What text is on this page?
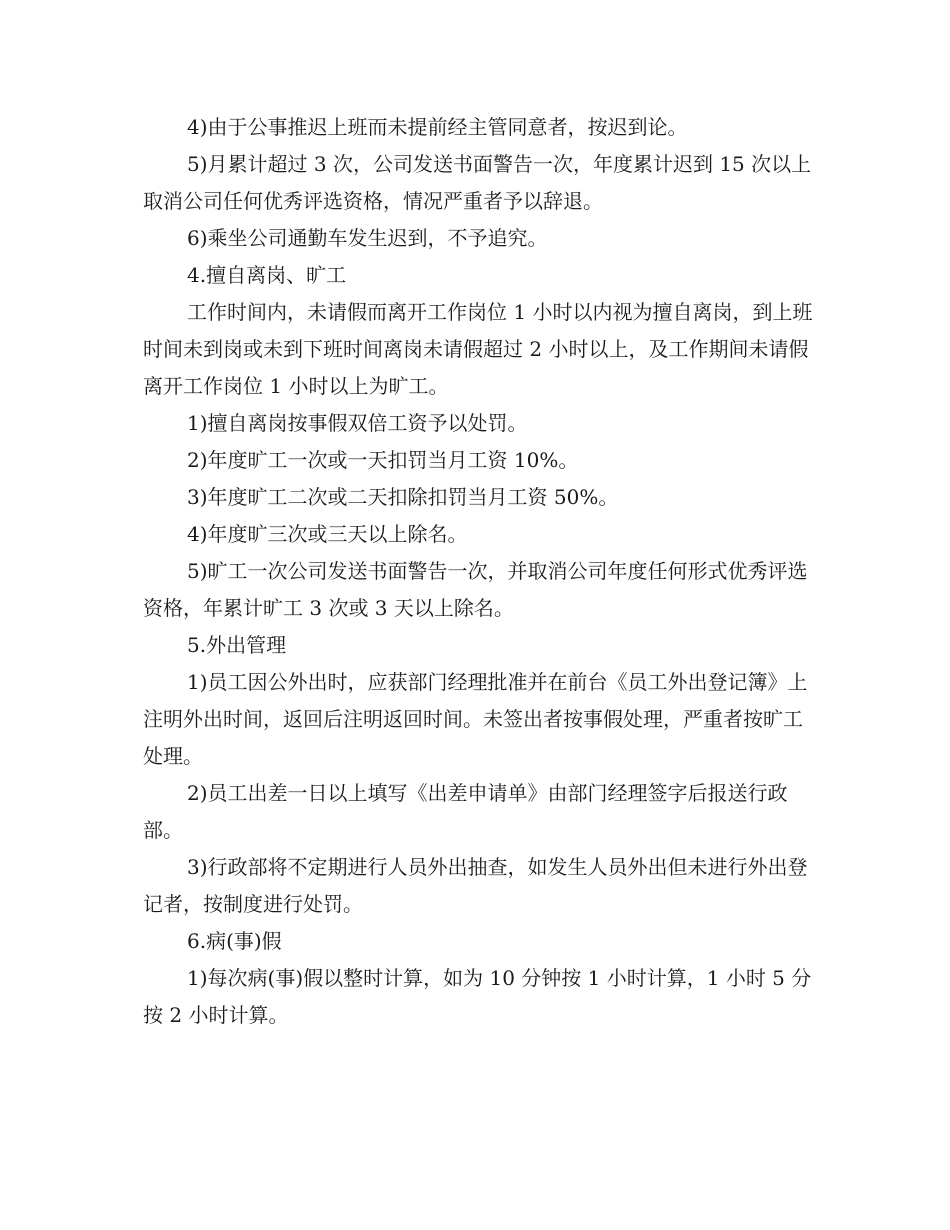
4)由于公事推迟上班而未提前经主管同意者，按迟到论。

5)月累计超过 3 次，公司发送书面警告一次，年度累计迟到 15 次以上取消公司任何优秀评选资格，情况严重者予以辞退。

6)乘坐公司通勤车发生迟到，不予追究。

4.擅自离岗、旷工

工作时间内，未请假而离开工作岗位 1 小时以内视为擅自离岗，到上班时间未到岗或未到下班时间离岗未请假超过 2 小时以上，及工作期间未请假离开工作岗位 1 小时以上为旷工。

1)擅自离岗按事假双倍工资予以处罚。

2)年度旷工一次或一天扣罚当月工资 10%。

3)年度旷工二次或二天扣除扣罚当月工资 50%。

4)年度旷三次或三天以上除名。

5)旷工一次公司发送书面警告一次，并取消公司年度任何形式优秀评选资格，年累计旷工 3 次或 3 天以上除名。

5.外出管理

1)员工因公外出时，应获部门经理批准并在前台《员工外出登记簿》上注明外出时间，返回后注明返回时间。未签出者按事假处理，严重者按旷工处理。

2)员工出差一日以上填写《出差申请单》由部门经理签字后报送行政部。

3)行政部将不定期进行人员外出抽查，如发生人员外出但未进行外出登记者，按制度进行处罚。

6.病(事)假

1)每次病(事)假以整时计算，如为 10 分钟按 1 小时计算，1 小时 5 分按 2 小时计算。
